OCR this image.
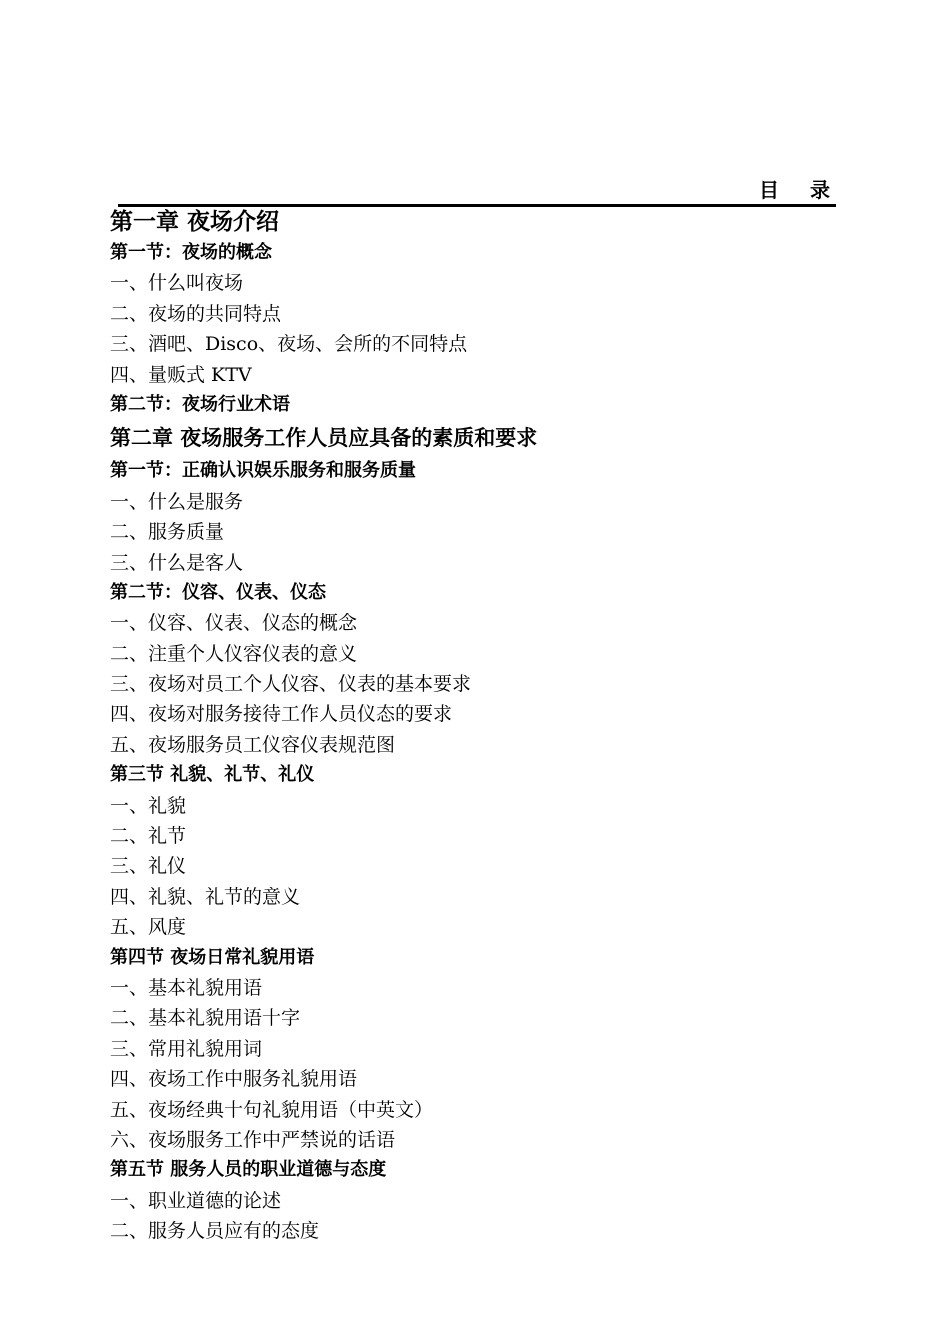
目 录
第一章 夜场介绍
第一节：夜场的概念
一、什么叫夜场
二、夜场的共同特点
三、酒吧、Disco、夜场、会所的不同特点
四、量贩式 KTV
第二节：夜场行业术语
第二章 夜场服务工作人员应具备的素质和要求
第一节：正确认识娱乐服务和服务质量
一、什么是服务
二、服务质量
三、什么是客人
第二节：仪容、仪表、仪态
一、仪容、仪表、仪态的概念
二、注重个人仪容仪表的意义
三、夜场对员工个人仪容、仪表的基本要求
四、夜场对服务接待工作人员仪态的要求
五、夜场服务员工仪容仪表规范图
第三节 礼貌、礼节、礼仪
一、礼貌
二、礼节
三、礼仪
四、礼貌、礼节的意义
五、风度
第四节 夜场日常礼貌用语
一、基本礼貌用语
二、基本礼貌用语十字
三、常用礼貌用词
四、夜场工作中服务礼貌用语
五、夜场经典十句礼貌用语（中英文）
六、夜场服务工作中严禁说的话语
第五节 服务人员的职业道德与态度
一、职业道德的论述
二、服务人员应有的态度
